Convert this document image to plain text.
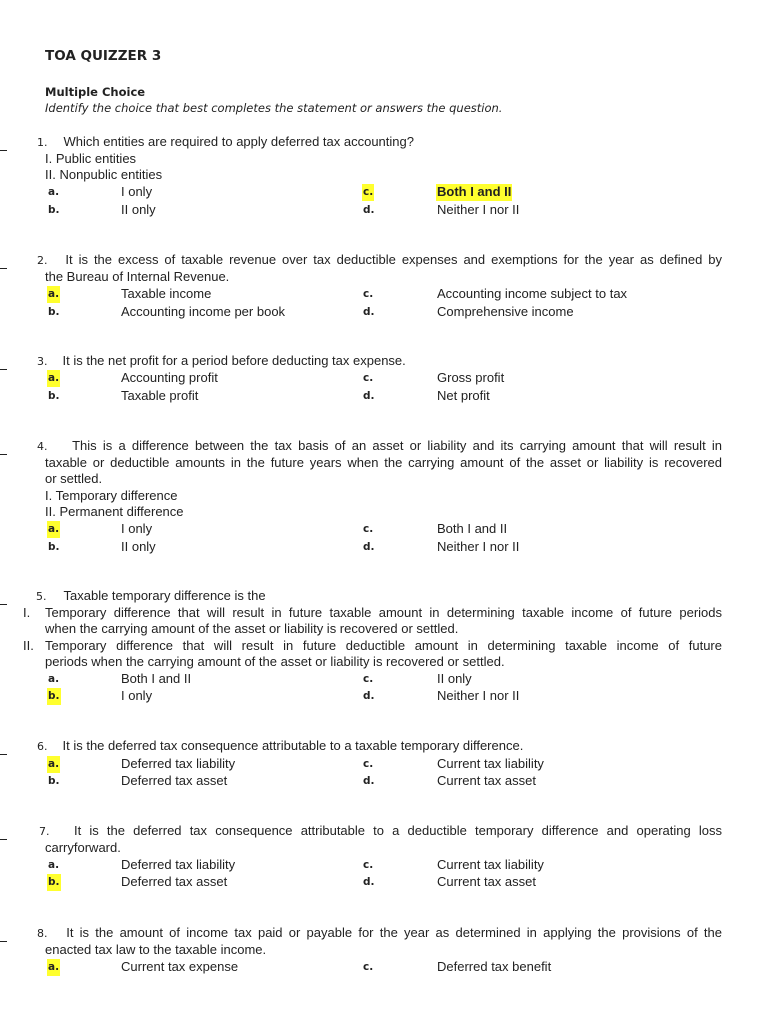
TOA QUIZZER 3
Multiple Choice
Identify the choice that best completes the statement or answers the question.
1. Which entities are required to apply deferred tax accounting?
I. Public entities
II. Nonpublic entities
a.	I only	c.	Both I and II
b.	II only	d.	Neither I nor II
2. It is the excess of taxable revenue over tax deductible expenses and exemptions for the year as defined by
the Bureau of Internal Revenue.
a.	Taxable income	c.	Accounting income subject to tax
b.	Accounting income per book	d.	Comprehensive income
3. It is the net profit for a period before deducting tax expense.
a.	Accounting profit	c.	Gross profit
b.	Taxable profit	d.	Net profit
4. This is a difference between the tax basis of an asset or liability and its carrying amount that will result in
taxable or deductible amounts in the future years when the carrying amount of the asset or liability is recovered
or settled.
I. Temporary difference
II. Permanent difference
a.	I only	c.	Both I and II
b.	II only	d.	Neither I nor II
5. Taxable temporary difference is the
I. Temporary difference that will result in future taxable amount in determining taxable income of future periods
when the carrying amount of the asset or liability is recovered or settled.
II. Temporary difference that will result in future deductible amount in determining taxable income of future
periods when the carrying amount of the asset or liability is recovered or settled.
a.	Both I and II	c.	II only
b.	I only	d.	Neither I nor II
6. It is the deferred tax consequence attributable to a taxable temporary difference.
a.	Deferred tax liability	c.	Current tax liability
b.	Deferred tax asset	d.	Current tax asset
7. It is the deferred tax consequence attributable to a deductible temporary difference and operating loss
carryforward.
a.	Deferred tax liability	c.	Current tax liability
b.	Deferred tax asset	d.	Current tax asset
8. It is the amount of income tax paid or payable for the year as determined in applying the provisions of the
enacted tax law to the taxable income.
a.	Current tax expense	c.	Deferred tax benefit
